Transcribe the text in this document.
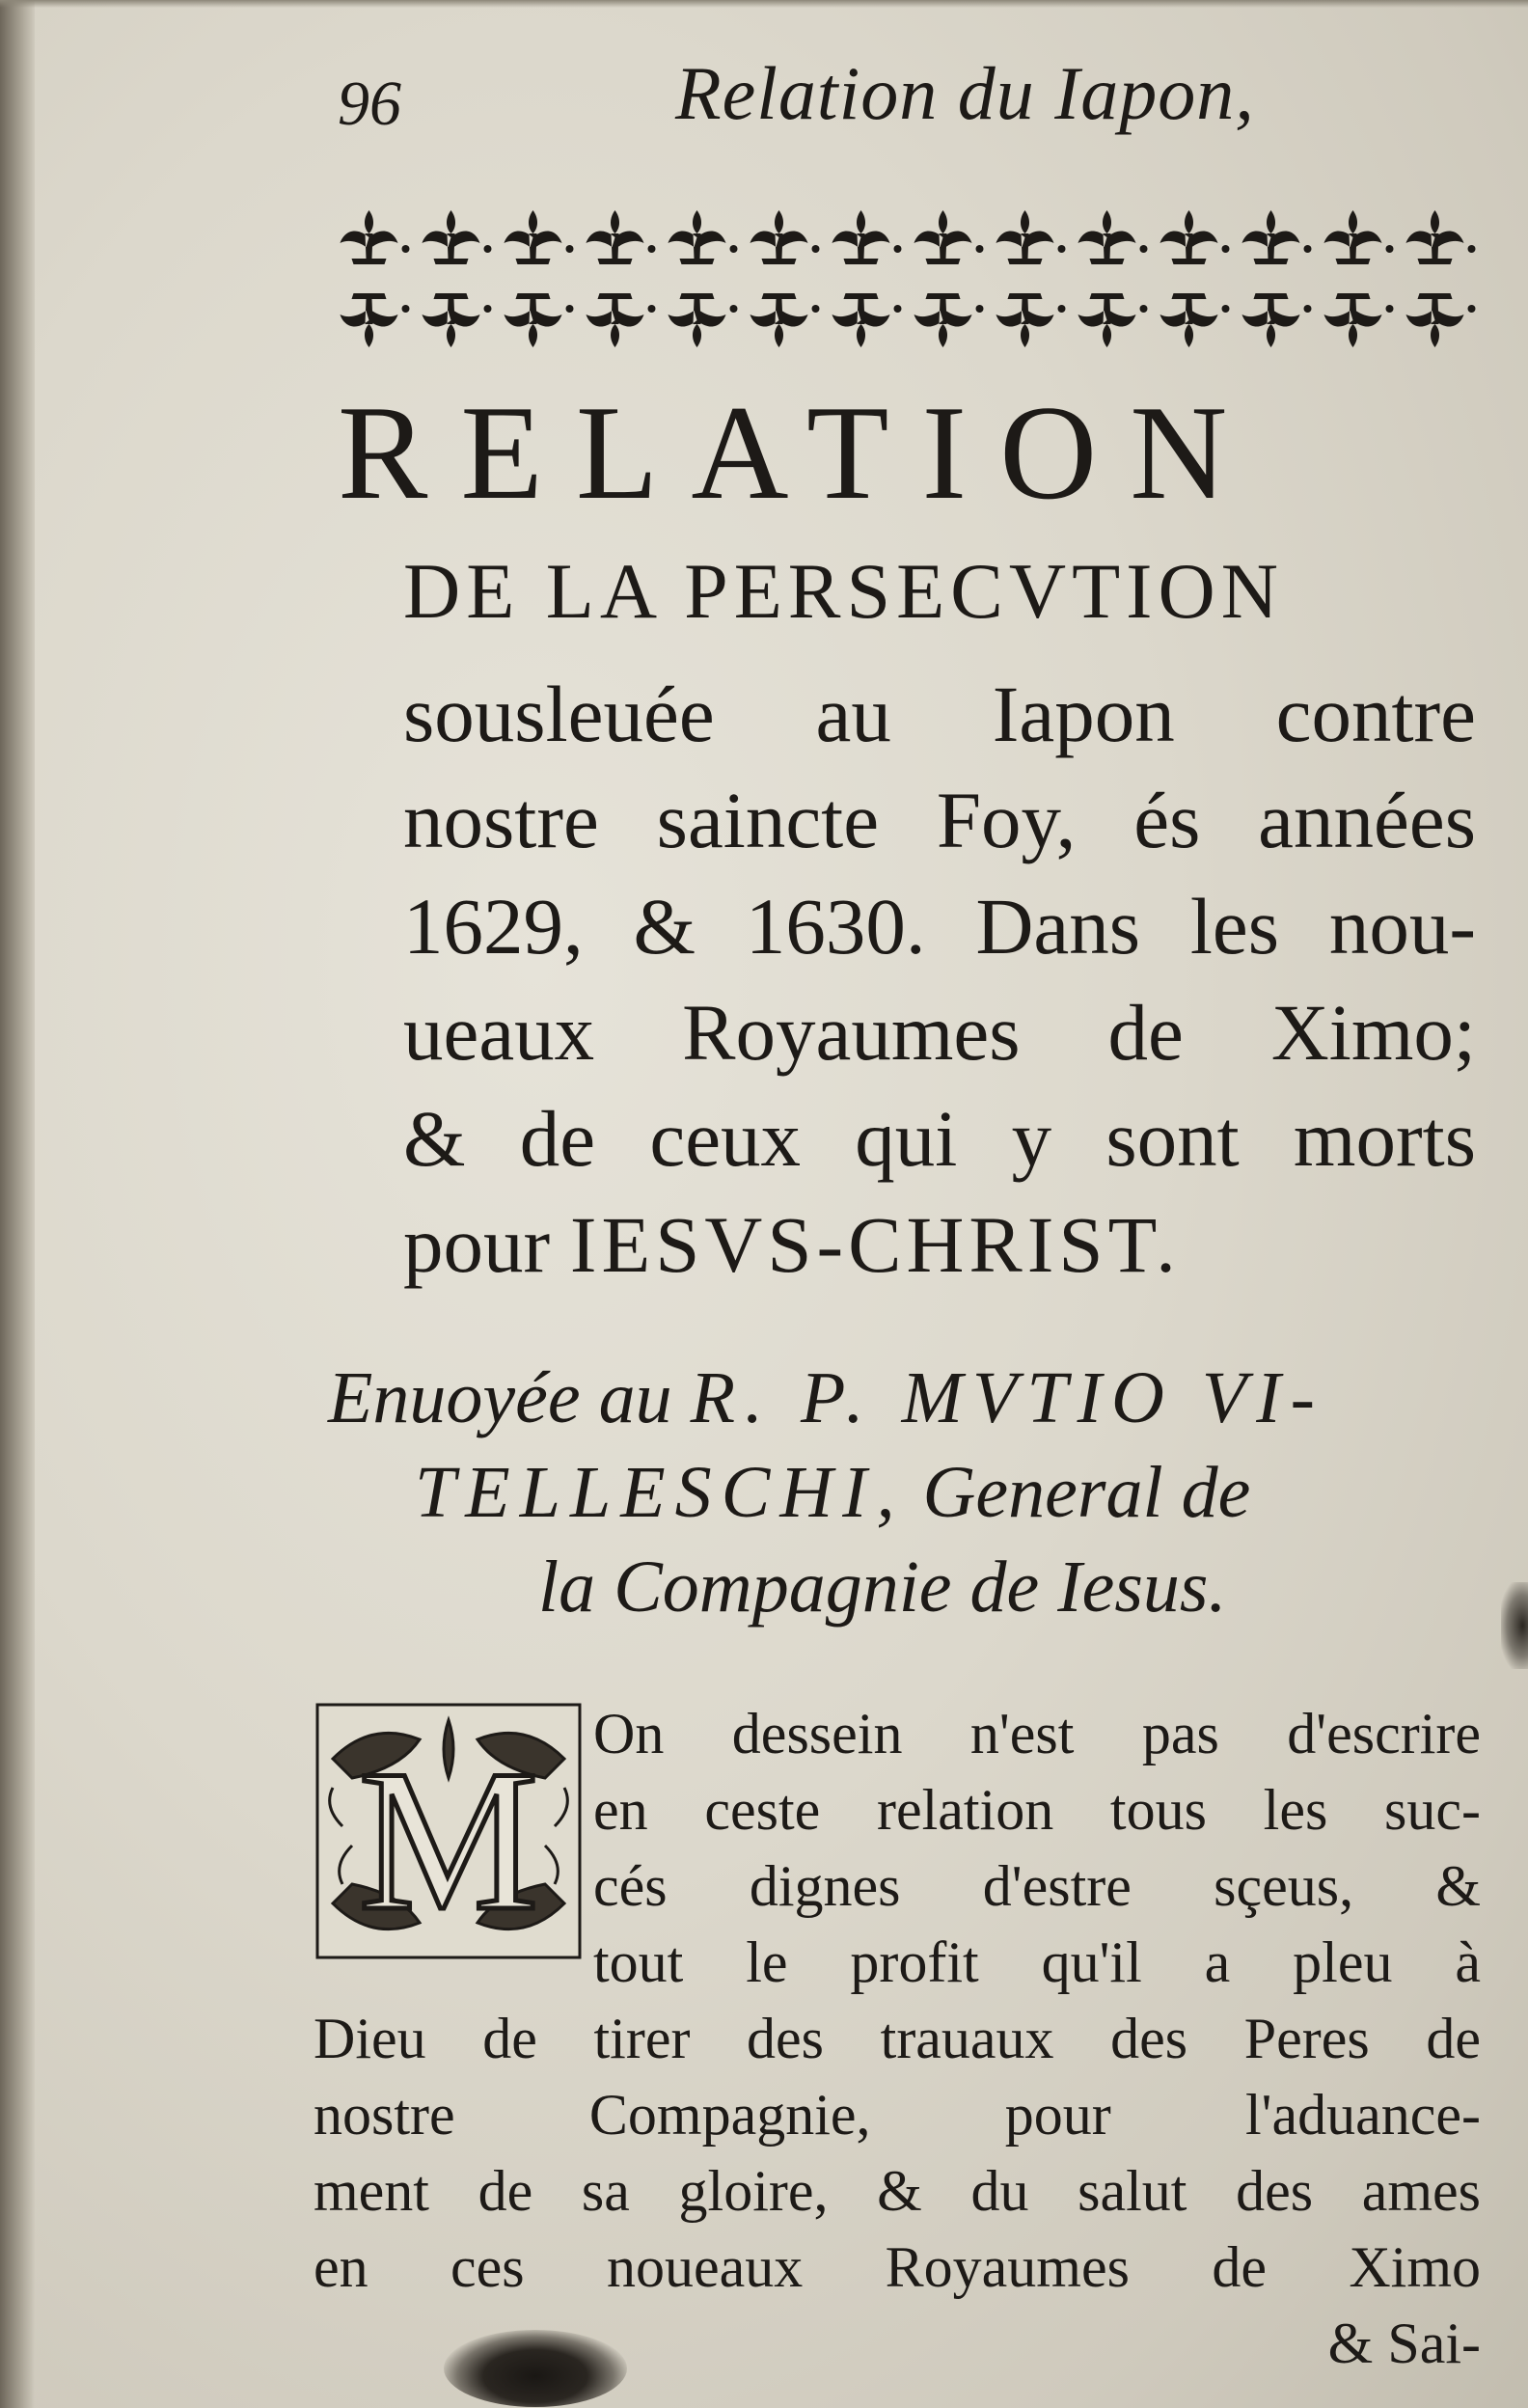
96	Relation du Iapon,
RELATION
DE LA PERSECVTION
sousleuée au Iapon contre
nostre saincte Foy, és années
1629, & 1630. Dans les nou-
ueaux Royaumes de Ximo;
& de ceux qui y sont morts
pour IESVS-CHRIST.
Enuoyée au R. P. MVTIO VI-
TELLESCHI, General de
la Compagnie de Iesus.
M On dessein n'est pas d'escrire
en ceste relation tous les suc-
cés dignes d'estre sçeus, &
tout le profit qu'il a pleu à
Dieu de tirer des trauaux des Peres de
nostre Compagnie, pour l'aduance-
ment de sa gloire, & du salut des ames
en ces noueaux Royaumes de Ximo
& Sai-
